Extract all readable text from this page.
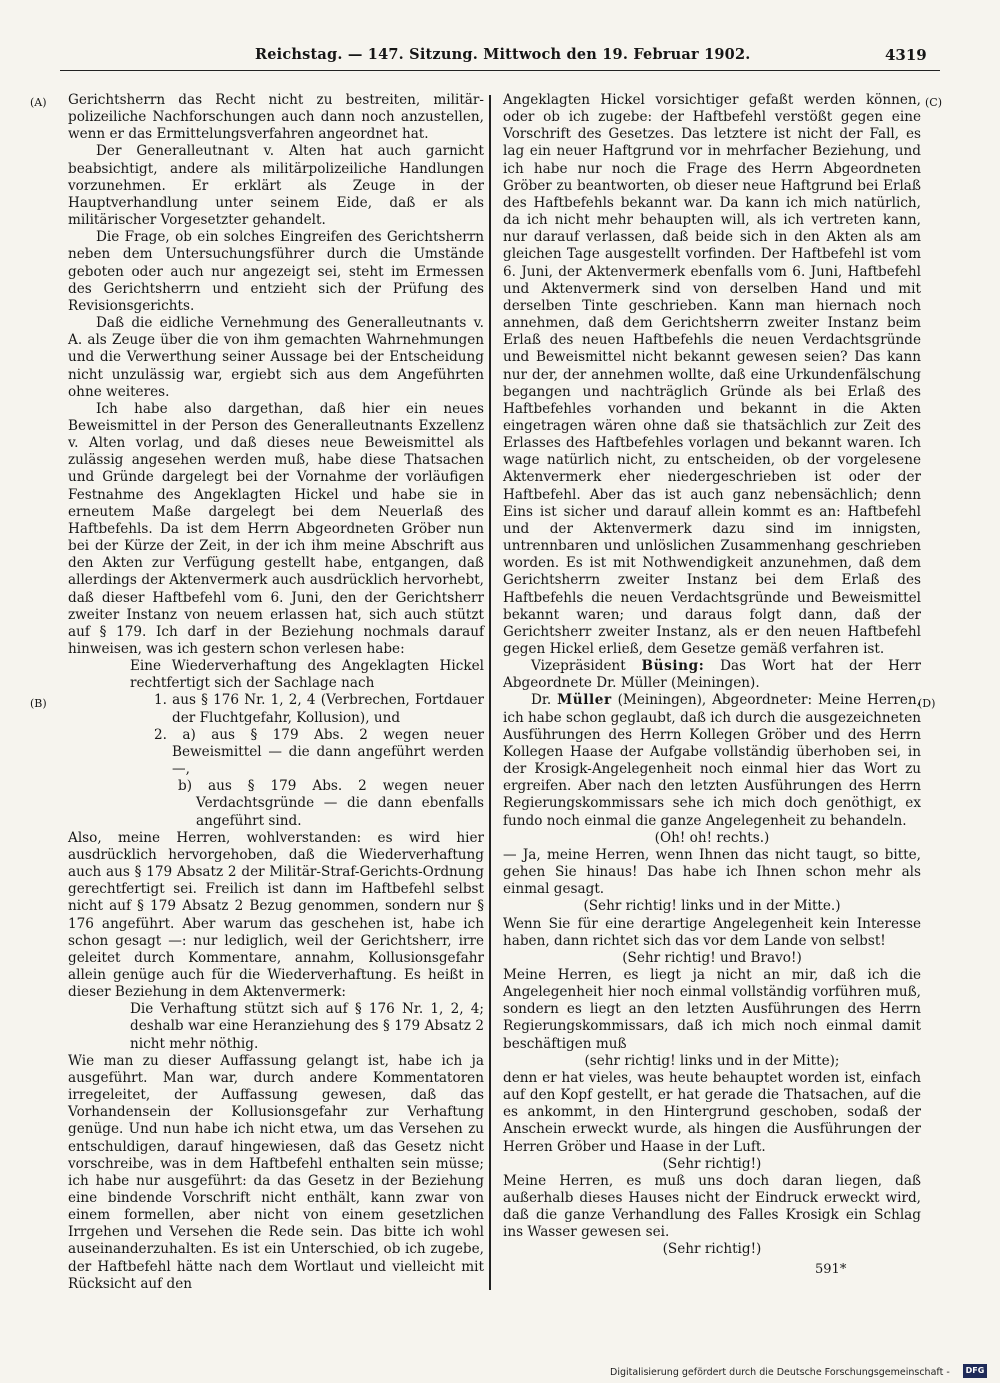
Reichstag. — 147. Sitzung. Mittwoch den 19. Februar 1902.	4319
(A)
(B)
(C)
(D)

Gerichtsherrn das Recht nicht zu bestreiten, militär-polizeiliche Nachforschungen auch dann noch anzustellen, wenn er das Ermittelungsverfahren angeordnet hat.

Der Generalleutnant v. Alten hat auch garnicht beabsichtigt, andere als militärpolizeiliche Handlungen vorzunehmen. Er erklärt als Zeuge in der Hauptverhandlung unter seinem Eide, daß er als militärischer Vorgesetzter gehandelt.

Die Frage, ob ein solches Eingreifen des Gerichtsherrn neben dem Untersuchungsführer durch die Umstände geboten oder auch nur angezeigt sei, steht im Ermessen des Gerichtsherrn und entzieht sich der Prüfung des Revisionsgerichts.

Daß die eidliche Vernehmung des Generalleutnants v. A. als Zeuge über die von ihm gemachten Wahrnehmungen und die Verwerthung seiner Aussage bei der Entscheidung nicht unzulässig war, ergiebt sich aus dem Angeführten ohne weiteres.

Ich habe also dargethan, daß hier ein neues Beweismittel in der Person des Generalleutnants Exzellenz v. Alten vorlag, und daß dieses neue Beweismittel als zulässig angesehen werden muß, habe diese Thatsachen und Gründe dargelegt bei der Vornahme der vorläufigen Festnahme des Angeklagten Hickel und habe sie in erneutem Maße dargelegt bei dem Neuerlaß des Haftbefehls. Da ist dem Herrn Abgeordneten Gröber nun bei der Kürze der Zeit, in der ich ihm meine Abschrift aus den Akten zur Verfügung gestellt habe, entgangen, daß allerdings der Aktenvermerk auch ausdrücklich hervorhebt, daß dieser Haftbefehl vom 6. Juni, den der Gerichtsherr zweiter Instanz von neuem erlassen hat, sich auch stützt auf § 179. Ich darf in der Beziehung nochmals darauf hinweisen, was ich gestern schon verlesen habe:

Eine Wiederverhaftung des Angeklagten Hickel rechtfertigt sich der Sachlage nach

1. aus § 176 Nr. 1, 2, 4 (Verbrechen, Fortdauer der Fluchtgefahr, Kollusion), und

2. a) aus § 179 Abs. 2 wegen neuer Beweismittel — die dann angeführt werden —,

b) aus § 179 Abs. 2 wegen neuer Verdachtsgründe — die dann ebenfalls angeführt sind.

Also, meine Herren, wohlverstanden: es wird hier ausdrücklich hervorgehoben, daß die Wiederverhaftung auch aus § 179 Absatz 2 der Militär-Straf-Gerichts-Ordnung gerechtfertigt sei. Freilich ist dann im Haftbefehl selbst nicht auf § 179 Absatz 2 Bezug genommen, sondern nur § 176 angeführt. Aber warum das geschehen ist, habe ich schon gesagt —: nur lediglich, weil der Gerichtsherr, irre geleitet durch Kommentare, annahm, Kollusionsgefahr allein genüge auch für die Wiederverhaftung. Es heißt in dieser Beziehung in dem Aktenvermerk:

Die Verhaftung stützt sich auf § 176 Nr. 1, 2, 4; deshalb war eine Heranziehung des § 179 Absatz 2 nicht mehr nöthig.

Wie man zu dieser Auffassung gelangt ist, habe ich ja ausgeführt. Man war, durch andere Kommentatoren irregeleitet, der Auffassung gewesen, daß das Vorhandensein der Kollusionsgefahr zur Verhaftung genüge. Und nun habe ich nicht etwa, um das Versehen zu entschuldigen, darauf hingewiesen, daß das Gesetz nicht vorschreibe, was in dem Haftbefehl enthalten sein müsse; ich habe nur ausgeführt: da das Gesetz in der Beziehung eine bindende Vorschrift nicht enthält, kann zwar von einem formellen, aber nicht von einem gesetzlichen Irrgehen und Versehen die Rede sein. Das bitte ich wohl auseinanderzuhalten. Es ist ein Unterschied, ob ich zugebe, der Haftbefehl hätte nach dem Wortlaut und vielleicht mit Rücksicht auf den

Angeklagten Hickel vorsichtiger gefaßt werden können, oder ob ich zugebe: der Haftbefehl verstößt gegen eine Vorschrift des Gesetzes. Das letztere ist nicht der Fall, es lag ein neuer Haftgrund vor in mehrfacher Beziehung, und ich habe nur noch die Frage des Herrn Abgeordneten Gröber zu beantworten, ob dieser neue Haftgrund bei Erlaß des Haftbefehls bekannt war. Da kann ich mich natürlich, da ich nicht mehr behaupten will, als ich vertreten kann, nur darauf verlassen, daß beide sich in den Akten als am gleichen Tage ausgestellt vorfinden. Der Haftbefehl ist vom 6. Juni, der Aktenvermerk ebenfalls vom 6. Juni, Haftbefehl und Aktenvermerk sind von derselben Hand und mit derselben Tinte geschrieben. Kann man hiernach noch annehmen, daß dem Gerichtsherrn zweiter Instanz beim Erlaß des neuen Haftbefehls die neuen Verdachtsgründe und Beweismittel nicht bekannt gewesen seien? Das kann nur der, der annehmen wollte, daß eine Urkundenfälschung begangen und nachträglich Gründe als bei Erlaß des Haftbefehles vorhanden und bekannt in die Akten eingetragen wären ohne daß sie thatsächlich zur Zeit des Erlasses des Haftbefehles vorlagen und bekannt waren. Ich wage natürlich nicht, zu entscheiden, ob der vorgelesene Aktenvermerk eher niedergeschrieben ist oder der Haftbefehl. Aber das ist auch ganz nebensächlich; denn Eins ist sicher und darauf allein kommt es an: Haftbefehl und der Aktenvermerk dazu sind im innigsten, untrennbaren und unlöslichen Zusammenhang geschrieben worden. Es ist mit Nothwendigkeit anzunehmen, daß dem Gerichtsherrn zweiter Instanz bei dem Erlaß des Haftbefehls die neuen Verdachtsgründe und Beweismittel bekannt waren; und daraus folgt dann, daß der Gerichtsherr zweiter Instanz, als er den neuen Haftbefehl gegen Hickel erließ, dem Gesetze gemäß verfahren ist.

Vizepräsident Büsing: Das Wort hat der Herr Abgeordnete Dr. Müller (Meiningen).

Dr. Müller (Meiningen), Abgeordneter: Meine Herren, ich habe schon geglaubt, daß ich durch die ausgezeichneten Ausführungen des Herrn Kollegen Gröber und des Herrn Kollegen Haase der Aufgabe vollständig überhoben sei, in der Krosigk-Angelegenheit noch einmal hier das Wort zu ergreifen. Aber nach den letzten Ausführungen des Herrn Regierungskommissars sehe ich mich doch genöthigt, ex fundo noch einmal die ganze Angelegenheit zu behandeln.

(Oh! oh! rechts.)

— Ja, meine Herren, wenn Ihnen das nicht taugt, so bitte, gehen Sie hinaus! Das habe ich Ihnen schon mehr als einmal gesagt.

(Sehr richtig! links und in der Mitte.)

Wenn Sie für eine derartige Angelegenheit kein Interesse haben, dann richtet sich das vor dem Lande von selbst!

(Sehr richtig! und Bravo!)

Meine Herren, es liegt ja nicht an mir, daß ich die Angelegenheit hier noch einmal vollständig vorführen muß, sondern es liegt an den letzten Ausführungen des Herrn Regierungskommissars, daß ich mich noch einmal damit beschäftigen muß

(sehr richtig! links und in der Mitte);

denn er hat vieles, was heute behauptet worden ist, einfach auf den Kopf gestellt, er hat gerade die Thatsachen, auf die es ankommt, in den Hintergrund geschoben, sodaß der Anschein erweckt wurde, als hingen die Ausführungen der Herren Gröber und Haase in der Luft.

(Sehr richtig!)

Meine Herren, es muß uns doch daran liegen, daß außerhalb dieses Hauses nicht der Eindruck erweckt wird, daß die ganze Verhandlung des Falles Krosigk ein Schlag ins Wasser gewesen sei.

(Sehr richtig!)

591*
Digitalisierung gefördert durch die Deutsche Forschungsgemeinschaft -	DFG
